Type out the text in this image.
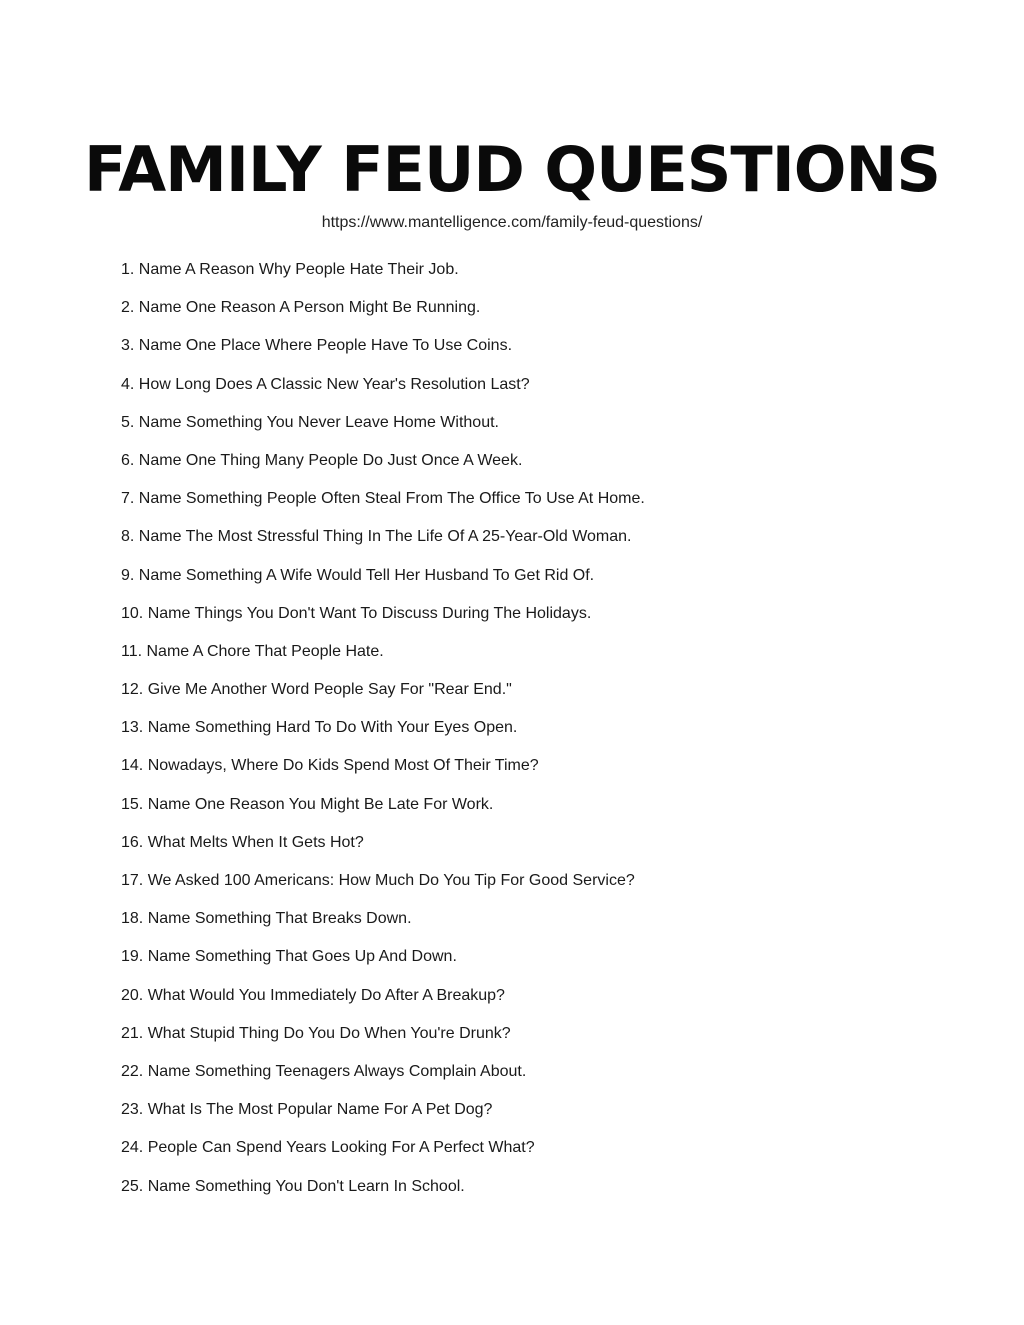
FAMILY FEUD QUESTIONS

https://www.mantelligence.com/family-feud-questions/

1. Name A Reason Why People Hate Their Job.
2. Name One Reason A Person Might Be Running.
3. Name One Place Where People Have To Use Coins.
4. How Long Does A Classic New Year's Resolution Last?
5. Name Something You Never Leave Home Without.
6. Name One Thing Many People Do Just Once A Week.
7. Name Something People Often Steal From The Office To Use At Home.
8. Name The Most Stressful Thing In The Life Of A 25-Year-Old Woman.
9. Name Something A Wife Would Tell Her Husband To Get Rid Of.
10. Name Things You Don't Want To Discuss During The Holidays.
11. Name A Chore That People Hate.
12. Give Me Another Word People Say For "Rear End."
13. Name Something Hard To Do With Your Eyes Open.
14. Nowadays, Where Do Kids Spend Most Of Their Time?
15. Name One Reason You Might Be Late For Work.
16. What Melts When It Gets Hot?
17. We Asked 100 Americans: How Much Do You Tip For Good Service?
18. Name Something That Breaks Down.
19. Name Something That Goes Up And Down.
20. What Would You Immediately Do After A Breakup?
21. What Stupid Thing Do You Do When You're Drunk?
22. Name Something Teenagers Always Complain About.
23. What Is The Most Popular Name For A Pet Dog?
24. People Can Spend Years Looking For A Perfect What?
25. Name Something You Don't Learn In School.
